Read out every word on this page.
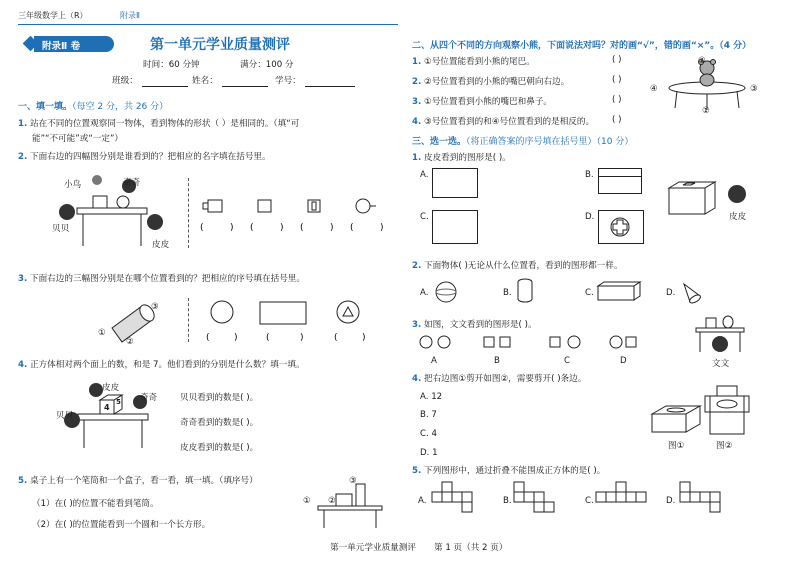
三年级数学上（R）	附录Ⅱ
附录Ⅱ 卷	第一单元学业质量测评
时间：60 分钟	满分：100 分
班级：	姓名：	学号：
一、填一填。（每空 2 分，共 26 分）
1. 站在不同的位置观察同一物体，看到物体的形状（ ）是相同的。（填“可
能”“不可能”或“一定”）
2. 下面右边的四幅图分别是谁看到的？把相应的名字填在括号里。
小鸟	奇奇
贝贝
皮皮
(	) (	) (	) (	)
3. 下面右边的三幅图分别是在哪个位置看到的？把相应的序号填在括号里。
①
②
③
(	)	(	)	(	)
4. 正方体相对两个面上的数，和是 7。他们看到的分别是什么数？填一填。
4
5
皮皮
奇奇
贝贝
贝贝看到的数是( )。
奇奇看到的数是( )。
皮皮看到的数是( )。
5. 桌子上有一个笔筒和一个盒子，看一看，填一填。（填序号）
（1）在( )的位置不能看到笔筒。
（2）在( )的位置能看到一个圆和一个长方形。
① ②
③
二、从四个不同的方向观察小熊，下面说法对吗？对的画“√”，错的画“×”。（4 分）
1. ①号位置能看到小熊的尾巴。	( )
2. ②号位置看到的小熊的嘴巴朝向右边。	( )
3. ①号位置看到小熊的嘴巴和鼻子。	( )
4. ③号位置看到的和④号位置看到的是相反的。 ( )
①
②
③
④
三、选一选。（将正确答案的序号填在括号里）（10 分）
1. 皮皮看到的图形是( )。
A.	B.
C.	D.	皮皮
2. 下面物体( )无论从什么位置看，看到的图形都一样。
A.	B.	C.	D.
3. 如图，文文看到的图形是( )。
A	B	C	D	文文
4. 把右边图①剪开如图②，需要剪开( )条边。
A. 12
B. 7
C. 4
D. 1
图①	图②
5. 下列图形中，通过折叠不能围成正方体的是( )。
A.	B.	C.	D.
第一单元学业质量测评 第 1 页（共 2 页）
